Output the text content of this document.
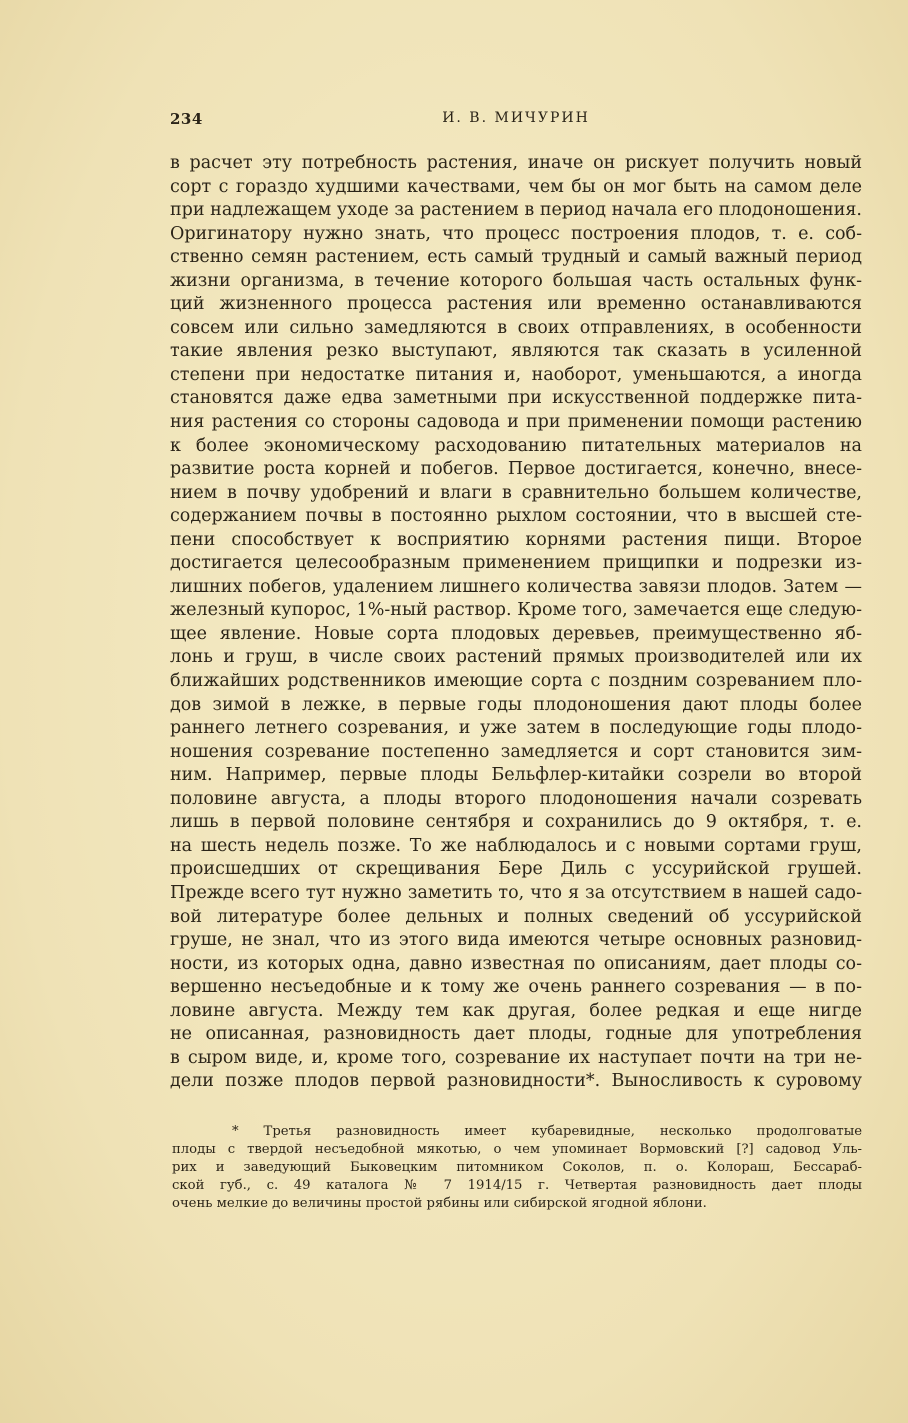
234	И. В. МИЧУРИН
в расчет эту потребность растения, иначе он рискует получить новый
сорт с гораздо худшими качествами, чем бы он мог быть на самом деле
при надлежащем уходе за растением в период начала его плодоношения.
Оригинатору нужно знать, что процесс построения плодов, т. е. соб-
ственно семян растением, есть самый трудный и самый важный период
жизни организма, в течение которого большая часть остальных функ-
ций жизненного процесса растения или временно останавливаются
совсем или сильно замедляются в своих отправлениях, в особенности
такие явления резко выступают, являются так сказать в усиленной
степени при недостатке питания и, наоборот, уменьшаются, а иногда
становятся даже едва заметными при искусственной поддержке пита-
ния растения со стороны садовода и при применении помощи растению
к более экономическому расходованию питательных материалов на
развитие роста корней и побегов. Первое достигается, конечно, внесе-
нием в почву удобрений и влаги в сравнительно большем количестве,
содержанием почвы в постоянно рыхлом состоянии, что в высшей сте-
пени способствует к восприятию корнями растения пищи. Второе
достигается целесообразным применением прищипки и подрезки из-
лишних побегов, удалением лишнего количества завязи плодов. Затем —
железный купорос, 1%-ный раствор. Кроме того, замечается еще следую-
щее явление. Новые сорта плодовых деревьев, преимущественно яб-
лонь и груш, в числе своих растений прямых производителей или их
ближайших родственников имеющие сорта с поздним созреванием пло-
дов зимой в лежке, в первые годы плодоношения дают плоды более
раннего летнего созревания, и уже затем в последующие годы плодо-
ношения созревание постепенно замедляется и сорт становится зим-
ним. Например, первые плоды Бельфлер-китайки созрели во второй
половине августа, а плоды второго плодоношения начали созревать
лишь в первой половине сентября и сохранились до 9 октября, т. е.
на шесть недель позже. То же наблюдалось и с новыми сортами груш,
происшедших от скрещивания Бере Диль с уссурийской грушей.
Прежде всего тут нужно заметить то, что я за отсутствием в нашей садо-
вой литературе более дельных и полных сведений об уссурийской
груше, не знал, что из этого вида имеются четыре основных разновид-
ности, из которых одна, давно известная по описаниям, дает плоды со-
вершенно несъедобные и к тому же очень раннего созревания — в по-
ловине августа. Между тем как другая, более редкая и еще нигде
не описанная, разновидность дает плоды, годные для употребления
в сыром виде, и, кроме того, созревание их наступает почти на три не-
дели позже плодов первой разновидности*. Выносливость к суровому
* Третья разновидность имеет кубаревидные, несколько продолговатые
плоды с твердой несъедобной мякотью, о чем упоминает Вормовский [?] садовод Уль-
рих и заведующий Быковецким питомником Соколов, п. о. Колораш, Бессараб-
ской губ., с. 49 каталога № 7 1914/15 г. Четвертая разновидность дает плоды
очень мелкие до величины простой рябины или сибирской ягодной яблони.
